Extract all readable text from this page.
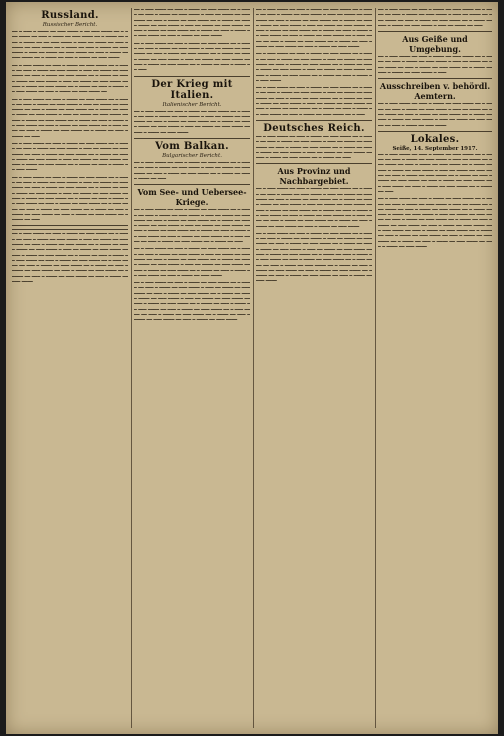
Russland.
Russischer Bericht.
━━ ━ ━━━ ━ ━━━━ ━━ ━━━ ━━━━ ━ ━━ ━━━ ━━━━ ━━ ━ ━━━ ━━━━ ━━ ━━━ ━ ━━━━ ━━ ━━━ ━━━━ ━━ ━ ━━━━ ━━ ━━━ ━ ━━━━ ━━ ━━ ━━━ ━━━━ ━ ━━━ ━━ ━━━━ ━━ ━━━ ━ ━━━━ ━━ ━━━ ━━━━ ━━ ━ ━━━━ ━━ ━━━ ━ ━━━━ ━━ ━━━ ━━━━ ━ ━━━ ━━ ━━━━ ━━ ━━━ ━━━━ ━━ ━━━ ━ ━━━━ ━━ ━━━ ━━━━ ━━ ━ ━━━━ ━━ ━━━ ━ ━━━━ ━━ ━━━ ━━━━
━━ ━ ━━━ ━━━━ ━━ ━━━ ━ ━━━━ ━━ ━━━ ━━━━ ━━ ━ ━━━━ ━━ ━━━ ━ ━━━━ ━━ ━━━ ━━━━ ━ ━━━ ━━ ━━━━ ━━ ━━━ ━━━━ ━━ ━━━ ━ ━━━━ ━━ ━━━ ━━━━ ━━ ━ ━━━━ ━━ ━━━ ━ ━━━━ ━━ ━━━ ━━━━ ━ ━━━ ━━ ━━━━ ━━ ━━━ ━━━━ ━━ ━━━ ━ ━━━━ ━━ ━━━ ━━━━ ━━ ━ ━━━━ ━━ ━━━ ━ ━━━━ ━━ ━━━ ━━━━ ━━ ━━━ ━ ━━━━ ━━ ━━━ ━━━━ ━━
━━ ━ ━━━ ━━━━ ━━ ━━━ ━ ━━━━ ━━ ━━━ ━━━━ ━━ ━ ━━━━ ━━ ━━━ ━ ━━━━ ━━ ━━━ ━━━━ ━ ━━━ ━━ ━━━━ ━━ ━━━ ━━━━ ━━ ━━━ ━ ━━━━ ━━ ━━━ ━━━━ ━━ ━ ━━━━ ━━ ━━━ ━ ━━━━ ━━ ━━━ ━━━━ ━ ━━━ ━━ ━━━━ ━━ ━━━ ━━━━ ━━ ━━━ ━ ━━━━ ━━ ━━━ ━━━━ ━━ ━ ━━━━ ━━ ━━━ ━ ━━━━ ━━ ━━━ ━━━━ ━━ ━━━ ━ ━━━━ ━━ ━━━ ━━━━ ━━ ━ ━━━ ━━━━ ━━ ━━━ ━ ━━━━ ━━ ━━━ ━━━━ ━━ ━ ━━━━ ━━ ━━━ ━ ━━━━ ━━ ━━━
━━ ━ ━━━ ━━━━ ━━ ━━━ ━ ━━━━ ━━ ━━━ ━━━━ ━━ ━ ━━━━ ━━ ━━━ ━ ━━━━ ━━ ━━━ ━━━━ ━ ━━━ ━━ ━━━━ ━━ ━━━ ━━━━ ━━ ━━━ ━ ━━━━ ━━ ━━━ ━━━━ ━━ ━ ━━━━ ━━ ━━━ ━ ━━━━ ━━ ━━━ ━━━━ ━ ━━━ ━━ ━━━━ ━━ ━━━ ━━━━ ━━ ━━━ ━ ━━━━ ━━ ━━━ ━━━━ ━━ ━ ━━━━ ━━ ━━━ ━ ━━━━ ━━ ━━━ ━━━━
━━ ━ ━━━ ━━━━ ━━ ━━━ ━ ━━━━ ━━ ━━━ ━━━━ ━━ ━ ━━━━ ━━ ━━━ ━ ━━━━ ━━ ━━━ ━━━━ ━ ━━━ ━━ ━━━━ ━━ ━━━ ━━━━ ━━ ━━━ ━ ━━━━ ━━ ━━━ ━━━━ ━━ ━ ━━━━ ━━ ━━━ ━ ━━━━ ━━ ━━━ ━━━━ ━ ━━━ ━━ ━━━━ ━━ ━━━ ━━━━ ━━ ━━━ ━ ━━━━ ━━ ━━━ ━━━━ ━━ ━ ━━━━ ━━ ━━━ ━ ━━━━ ━━ ━━━ ━━━━ ━━ ━━━ ━ ━━━━ ━━ ━━━ ━━━━ ━━ ━ ━━━ ━━━━ ━━ ━━━ ━ ━━━━ ━━ ━━━ ━━━━ ━━ ━ ━━━━ ━━ ━━━ ━ ━━━━ ━━ ━━━ ━━━━ ━━ ━━━ ━ ━━━━ ━━ ━━━ ━━━━ ━━ ━ ━━━━ ━━ ━━━
━━ ━ ━━━ ━━━━ ━━ ━━━ ━ ━━━━ ━━ ━━━ ━━━━ ━━ ━ ━━━━ ━━ ━━━ ━ ━━━━ ━━ ━━━ ━━━━ ━ ━━━ ━━ ━━━━ ━━ ━━━ ━━━━ ━━ ━━━ ━ ━━━━ ━━ ━━━ ━━━━ ━━ ━ ━━━━ ━━ ━━━ ━ ━━━━ ━━ ━━━ ━━━━ ━ ━━━ ━━ ━━━━ ━━ ━━━ ━━━━ ━━ ━━━ ━ ━━━━ ━━ ━━━ ━━━━ ━━ ━ ━━━━ ━━ ━━━ ━ ━━━━ ━━ ━━━ ━━━━ ━━ ━━━ ━ ━━━━ ━━ ━━━ ━━━━ ━━ ━ ━━━ ━━━━ ━━ ━━━ ━ ━━━━ ━━ ━━━ ━━━━ ━━ ━ ━━━━ ━━ ━━━ ━ ━━━━ ━━ ━━━ ━━━━ ━━ ━━━ ━ ━━━━ ━━ ━━━ ━━━━ ━━ ━ ━━━━ ━━ ━━━ ━ ━━━━ ━━ ━━━ ━━━━ ━━ ━━━ ━ ━━━━ ━━ ━━━ ━━━━
━━ ━ ━━━ ━━━━ ━━ ━━━ ━ ━━━━ ━━ ━━━ ━━━━ ━━ ━ ━━━━ ━━ ━━━ ━ ━━━━ ━━ ━━━ ━━━━ ━ ━━━ ━━ ━━━━ ━━ ━━━ ━━━━ ━━ ━━━ ━ ━━━━ ━━ ━━━ ━━━━ ━━ ━ ━━━━ ━━ ━━━ ━ ━━━━ ━━ ━━━ ━━━━ ━ ━━━ ━━ ━━━━ ━━ ━━━ ━━━━ ━━ ━━━ ━ ━━━━ ━━ ━━━ ━━━━ ━━ ━ ━━━━ ━━ ━━━ ━ ━━━━ ━━ ━━━ ━━━━ ━━ ━━━ ━ ━━━━ ━━ ━━━ ━━━━
━━ ━ ━━━ ━━━━ ━━ ━━━ ━ ━━━━ ━━ ━━━ ━━━━ ━━ ━ ━━━━ ━━ ━━━ ━ ━━━━ ━━ ━━━ ━━━━ ━ ━━━ ━━ ━━━━ ━━ ━━━ ━━━━ ━━ ━━━ ━ ━━━━ ━━ ━━━ ━━━━ ━━ ━ ━━━━ ━━ ━━━ ━ ━━━━ ━━ ━━━ ━━━━ ━ ━━━ ━━ ━━━━ ━━ ━━━ ━━━━ ━━ ━━━ ━ ━━━━ ━━ ━━━ ━━━━ ━━ ━ ━━━━ ━━ ━━━ ━ ━━━━ ━━ ━━━
Der Krieg mit Italien.
Italienischer Bericht.
━━ ━ ━━━ ━━━━ ━━ ━━━ ━ ━━━━ ━━ ━━━ ━━━━ ━━ ━ ━━━━ ━━ ━━━ ━ ━━━━ ━━ ━━━ ━━━━ ━ ━━━ ━━ ━━━━ ━━ ━━━ ━━━━ ━━ ━━━ ━ ━━━━ ━━ ━━━ ━━━━ ━━ ━ ━━━━ ━━ ━━━ ━ ━━━━ ━━ ━━━ ━━━━ ━ ━━━ ━━ ━━━━ ━━ ━━━ ━━━━ ━━ ━━━ ━ ━━━━ ━━ ━━━ ━━━━
Vom Balkan.
Bulgarischer Bericht.
━━ ━ ━━━ ━━━━ ━━ ━━━ ━ ━━━━ ━━ ━━━ ━━━━ ━━ ━ ━━━━ ━━ ━━━ ━ ━━━━ ━━ ━━━ ━━━━ ━ ━━━ ━━ ━━━━ ━━ ━━━ ━━━━ ━━ ━━━ ━ ━━━━ ━━ ━━━ ━━━━ ━━ ━ ━━━━ ━━ ━━━ ━ ━━━━ ━━ ━━━
Vom See- und Uebersee-Kriege.
━━ ━ ━━━ ━━━━ ━━ ━━━ ━ ━━━━ ━━ ━━━ ━━━━ ━━ ━ ━━━━ ━━ ━━━ ━ ━━━━ ━━ ━━━ ━━━━ ━ ━━━ ━━ ━━━━ ━━ ━━━ ━━━━ ━━ ━━━ ━ ━━━━ ━━ ━━━ ━━━━ ━━ ━ ━━━━ ━━ ━━━ ━ ━━━━ ━━ ━━━ ━━━━ ━ ━━━ ━━ ━━━━ ━━ ━━━ ━━━━ ━━ ━━━ ━ ━━━━ ━━ ━━━ ━━━━ ━━ ━ ━━━━ ━━ ━━━ ━ ━━━━ ━━ ━━━ ━━━━ ━━ ━━━ ━ ━━━━ ━━ ━━━ ━━━━ ━━ ━ ━━━ ━━━━ ━━ ━━━ ━ ━━━━ ━━ ━━━ ━━━━ ━━ ━ ━━━━ ━━ ━━━
━━ ━ ━━━ ━━━━ ━━ ━━━ ━ ━━━━ ━━ ━━━ ━━━━ ━━ ━ ━━━━ ━━ ━━━ ━ ━━━━ ━━ ━━━ ━━━━ ━ ━━━ ━━ ━━━━ ━━ ━━━ ━━━━ ━━ ━━━ ━ ━━━━ ━━ ━━━ ━━━━ ━━ ━ ━━━━ ━━ ━━━ ━ ━━━━ ━━ ━━━ ━━━━ ━ ━━━ ━━ ━━━━ ━━ ━━━ ━━━━ ━━ ━━━ ━ ━━━━ ━━ ━━━ ━━━━ ━━ ━ ━━━━ ━━ ━━━ ━ ━━━━ ━━ ━━━ ━━━━ ━━ ━━━ ━ ━━━━ ━━ ━━━ ━━━━
━━ ━ ━━━ ━━━━ ━━ ━━━ ━ ━━━━ ━━ ━━━ ━━━━ ━━ ━ ━━━━ ━━ ━━━ ━ ━━━━ ━━ ━━━ ━━━━ ━ ━━━ ━━ ━━━━ ━━ ━━━ ━━━━ ━━ ━━━ ━ ━━━━ ━━ ━━━ ━━━━ ━━ ━ ━━━━ ━━ ━━━ ━ ━━━━ ━━ ━━━ ━━━━ ━ ━━━ ━━ ━━━━ ━━ ━━━ ━━━━ ━━ ━━━ ━ ━━━━ ━━ ━━━ ━━━━ ━━ ━ ━━━━ ━━ ━━━ ━ ━━━━ ━━ ━━━ ━━━━ ━━ ━━━ ━ ━━━━ ━━ ━━━ ━━━━ ━━ ━ ━━━ ━━━━ ━━ ━━━ ━ ━━━━ ━━ ━━━ ━━━━ ━━ ━ ━━━━ ━━ ━━━ ━ ━━━━ ━━ ━━━ ━━━━ ━━ ━━━ ━ ━━━━ ━━ ━━━ ━━━━
━━ ━ ━━━ ━━━━ ━━ ━━━ ━ ━━━━ ━━ ━━━ ━━━━ ━━ ━ ━━━━ ━━ ━━━ ━ ━━━━ ━━ ━━━ ━━━━ ━ ━━━ ━━ ━━━━ ━━ ━━━ ━━━━ ━━ ━━━ ━ ━━━━ ━━ ━━━ ━━━━ ━━ ━ ━━━━ ━━ ━━━ ━ ━━━━ ━━ ━━━ ━━━━ ━ ━━━ ━━ ━━━━ ━━ ━━━ ━━━━ ━━ ━━━ ━ ━━━━ ━━ ━━━ ━━━━ ━━ ━ ━━━━ ━━ ━━━ ━ ━━━━ ━━ ━━━ ━━━━ ━━ ━━━ ━ ━━━━ ━━ ━━━ ━━━━ ━━ ━ ━━━ ━━━━ ━━ ━━━ ━ ━━━━ ━━ ━━━ ━━━━ ━━ ━ ━━━━ ━━ ━━━ ━ ━━━━ ━━ ━━━ ━━━━ ━━ ━━━ ━ ━━━━ ━━ ━━━ ━━━━
━━ ━ ━━━ ━━━━ ━━ ━━━ ━ ━━━━ ━━ ━━━ ━━━━ ━━ ━ ━━━━ ━━ ━━━ ━ ━━━━ ━━ ━━━ ━━━━ ━ ━━━ ━━ ━━━━ ━━ ━━━ ━━━━ ━━ ━━━ ━ ━━━━ ━━ ━━━ ━━━━ ━━ ━ ━━━━ ━━ ━━━ ━ ━━━━ ━━ ━━━ ━━━━ ━ ━━━ ━━ ━━━━ ━━ ━━━ ━━━━ ━━ ━━━ ━ ━━━━ ━━ ━━━ ━━━━ ━━ ━ ━━━━ ━━ ━━━ ━ ━━━━ ━━ ━━━ ━━━━
━━ ━ ━━━ ━━━━ ━━ ━━━ ━ ━━━━ ━━ ━━━ ━━━━ ━━ ━ ━━━━ ━━ ━━━ ━ ━━━━ ━━ ━━━ ━━━━ ━ ━━━ ━━ ━━━━ ━━ ━━━ ━━━━ ━━ ━━━ ━ ━━━━ ━━ ━━━ ━━━━ ━━ ━ ━━━━ ━━ ━━━ ━ ━━━━ ━━ ━━━ ━━━━ ━ ━━━ ━━ ━━━━ ━━ ━━━ ━━━━ ━━ ━━━ ━ ━━━━ ━━ ━━━ ━━━━ ━━ ━ ━━━━ ━━ ━━━ ━ ━━━━ ━━ ━━━ ━━━━ ━━ ━━━ ━ ━━━━ ━━ ━━━ ━━━━ ━━ ━ ━━━
Deutsches Reich.
━━ ━ ━━━ ━━━━ ━━ ━━━ ━ ━━━━ ━━ ━━━ ━━━━ ━━ ━ ━━━━ ━━ ━━━ ━ ━━━━ ━━ ━━━ ━━━━ ━ ━━━ ━━ ━━━━ ━━ ━━━ ━━━━ ━━ ━━━ ━ ━━━━ ━━ ━━━ ━━━━ ━━ ━ ━━━━ ━━ ━━━ ━ ━━━━ ━━ ━━━ ━━━━ ━ ━━━ ━━ ━━━━ ━━ ━━━ ━━━━ ━━ ━━━ ━ ━━━━ ━━ ━━━ ━━━━ ━━ ━ ━━━━ ━━ ━━━
Aus Provinz und Nachbargebiet.
━━ ━ ━━━ ━━━━ ━━ ━━━ ━ ━━━━ ━━ ━━━ ━━━━ ━━ ━ ━━━━ ━━ ━━━ ━ ━━━━ ━━ ━━━ ━━━━ ━ ━━━ ━━ ━━━━ ━━ ━━━ ━━━━ ━━ ━━━ ━ ━━━━ ━━ ━━━ ━━━━ ━━ ━ ━━━━ ━━ ━━━ ━ ━━━━ ━━ ━━━ ━━━━ ━ ━━━ ━━ ━━━━ ━━ ━━━ ━━━━ ━━ ━━━ ━ ━━━━ ━━ ━━━ ━━━━ ━━ ━ ━━━━ ━━ ━━━ ━ ━━━━ ━━ ━━━ ━━━━ ━━ ━━━ ━ ━━━━ ━━ ━━━ ━━━━ ━━ ━ ━━━ ━━━━ ━━ ━━━ ━ ━━━━ ━━ ━━━ ━━━━ ━━ ━ ━━━━ ━━ ━━━ ━ ━━━━ ━━ ━━━ ━━━━ ━━ ━━━ ━ ━━━━ ━━ ━━━ ━━━━
━━ ━ ━━━ ━━━━ ━━ ━━━ ━ ━━━━ ━━ ━━━ ━━━━ ━━ ━ ━━━━ ━━ ━━━ ━ ━━━━ ━━ ━━━ ━━━━ ━ ━━━ ━━ ━━━━ ━━ ━━━ ━━━━ ━━ ━━━ ━ ━━━━ ━━ ━━━ ━━━━ ━━ ━ ━━━━ ━━ ━━━ ━ ━━━━ ━━ ━━━ ━━━━ ━ ━━━ ━━ ━━━━ ━━ ━━━ ━━━━ ━━ ━━━ ━ ━━━━ ━━ ━━━ ━━━━ ━━ ━ ━━━━ ━━ ━━━ ━ ━━━━ ━━ ━━━ ━━━━ ━━ ━━━ ━ ━━━━ ━━ ━━━ ━━━━ ━━ ━ ━━━ ━━━━ ━━ ━━━ ━ ━━━━ ━━ ━━━ ━━━━ ━━ ━ ━━━━ ━━ ━━━ ━ ━━━━ ━━ ━━━ ━━━━ ━━ ━━━ ━ ━━━━ ━━ ━━━ ━━━━ ━━ ━ ━━━━ ━━ ━━━ ━ ━━━━ ━━ ━━━ ━━━━ ━━ ━━━ ━ ━━━━ ━━ ━━━ ━━━━
━━ ━ ━━━ ━━━━ ━━ ━━━ ━ ━━━━ ━━ ━━━ ━━━━ ━━ ━ ━━━━ ━━ ━━━ ━ ━━━━ ━━ ━━━ ━━━━ ━ ━━━ ━━ ━━━━ ━━ ━━━ ━━━━ ━━ ━━━ ━ ━━━━ ━━ ━━━ ━━━━ ━━ ━ ━━━━ ━━ ━━━ ━ ━━━━ ━━ ━━━ ━━━━ ━ ━━━ ━━ ━━━━ ━━ ━━━
Aus Geiße und Umgebung.
━━ ━ ━━━ ━━━━ ━━ ━━━ ━ ━━━━ ━━ ━━━ ━━━━ ━━ ━ ━━━━ ━━ ━━━ ━ ━━━━ ━━ ━━━ ━━━━ ━ ━━━ ━━ ━━━━ ━━ ━━━ ━━━━ ━━ ━━━ ━ ━━━━ ━━ ━━━ ━━━━ ━━ ━ ━━━━ ━━ ━━━ ━ ━━━━ ━━ ━━━ ━━━━ ━ ━━━
Ausschreiben v. behördl. Aemtern.
━━ ━ ━━━ ━━━━ ━━ ━━━ ━ ━━━━ ━━ ━━━ ━━━━ ━━ ━ ━━━━ ━━ ━━━ ━ ━━━━ ━━ ━━━ ━━━━ ━ ━━━ ━━ ━━━━ ━━ ━━━ ━━━━ ━━ ━━━ ━ ━━━━ ━━ ━━━ ━━━━ ━━ ━ ━━━━ ━━ ━━━ ━ ━━━━ ━━ ━━━ ━━━━ ━ ━━━ ━━ ━━━━ ━━ ━━━ ━━━━ ━━ ━━━ ━ ━━━━ ━━ ━━━ ━━━━
Lokales.
Seiße, 14. September 1917.
━━ ━ ━━━ ━━━━ ━━ ━━━ ━ ━━━━ ━━ ━━━ ━━━━ ━━ ━ ━━━━ ━━ ━━━ ━ ━━━━ ━━ ━━━ ━━━━ ━ ━━━ ━━ ━━━━ ━━ ━━━ ━━━━ ━━ ━━━ ━ ━━━━ ━━ ━━━ ━━━━ ━━ ━ ━━━━ ━━ ━━━ ━ ━━━━ ━━ ━━━ ━━━━ ━ ━━━ ━━ ━━━━ ━━ ━━━ ━━━━ ━━ ━━━ ━ ━━━━ ━━ ━━━ ━━━━ ━━ ━ ━━━━ ━━ ━━━ ━ ━━━━ ━━ ━━━ ━━━━ ━━ ━━━ ━ ━━━━ ━━ ━━━ ━━━━ ━━ ━ ━━━ ━━━━ ━━ ━━━ ━ ━━━━ ━━ ━━━ ━━━━ ━━ ━ ━━━━ ━━ ━━━
━━ ━ ━━━ ━━━━ ━━ ━━━ ━ ━━━━ ━━ ━━━ ━━━━ ━━ ━ ━━━━ ━━ ━━━ ━ ━━━━ ━━ ━━━ ━━━━ ━ ━━━ ━━ ━━━━ ━━ ━━━ ━━━━ ━━ ━━━ ━ ━━━━ ━━ ━━━ ━━━━ ━━ ━ ━━━━ ━━ ━━━ ━ ━━━━ ━━ ━━━ ━━━━ ━ ━━━ ━━ ━━━━ ━━ ━━━ ━━━━ ━━ ━━━ ━ ━━━━ ━━ ━━━ ━━━━ ━━ ━ ━━━━ ━━ ━━━ ━ ━━━━ ━━ ━━━ ━━━━ ━━ ━━━ ━ ━━━━ ━━ ━━━ ━━━━ ━━ ━ ━━━ ━━━━ ━━ ━━━ ━ ━━━━ ━━ ━━━ ━━━━ ━━ ━ ━━━━ ━━ ━━━ ━ ━━━━ ━━ ━━━ ━━━━ ━━ ━━━ ━ ━━━━ ━━ ━━━ ━━━━ ━━ ━ ━━━━ ━━ ━━━ ━ ━━━━ ━━ ━━━ ━━━━ ━━ ━━━ ━ ━━━━ ━━ ━━━ ━━━━
